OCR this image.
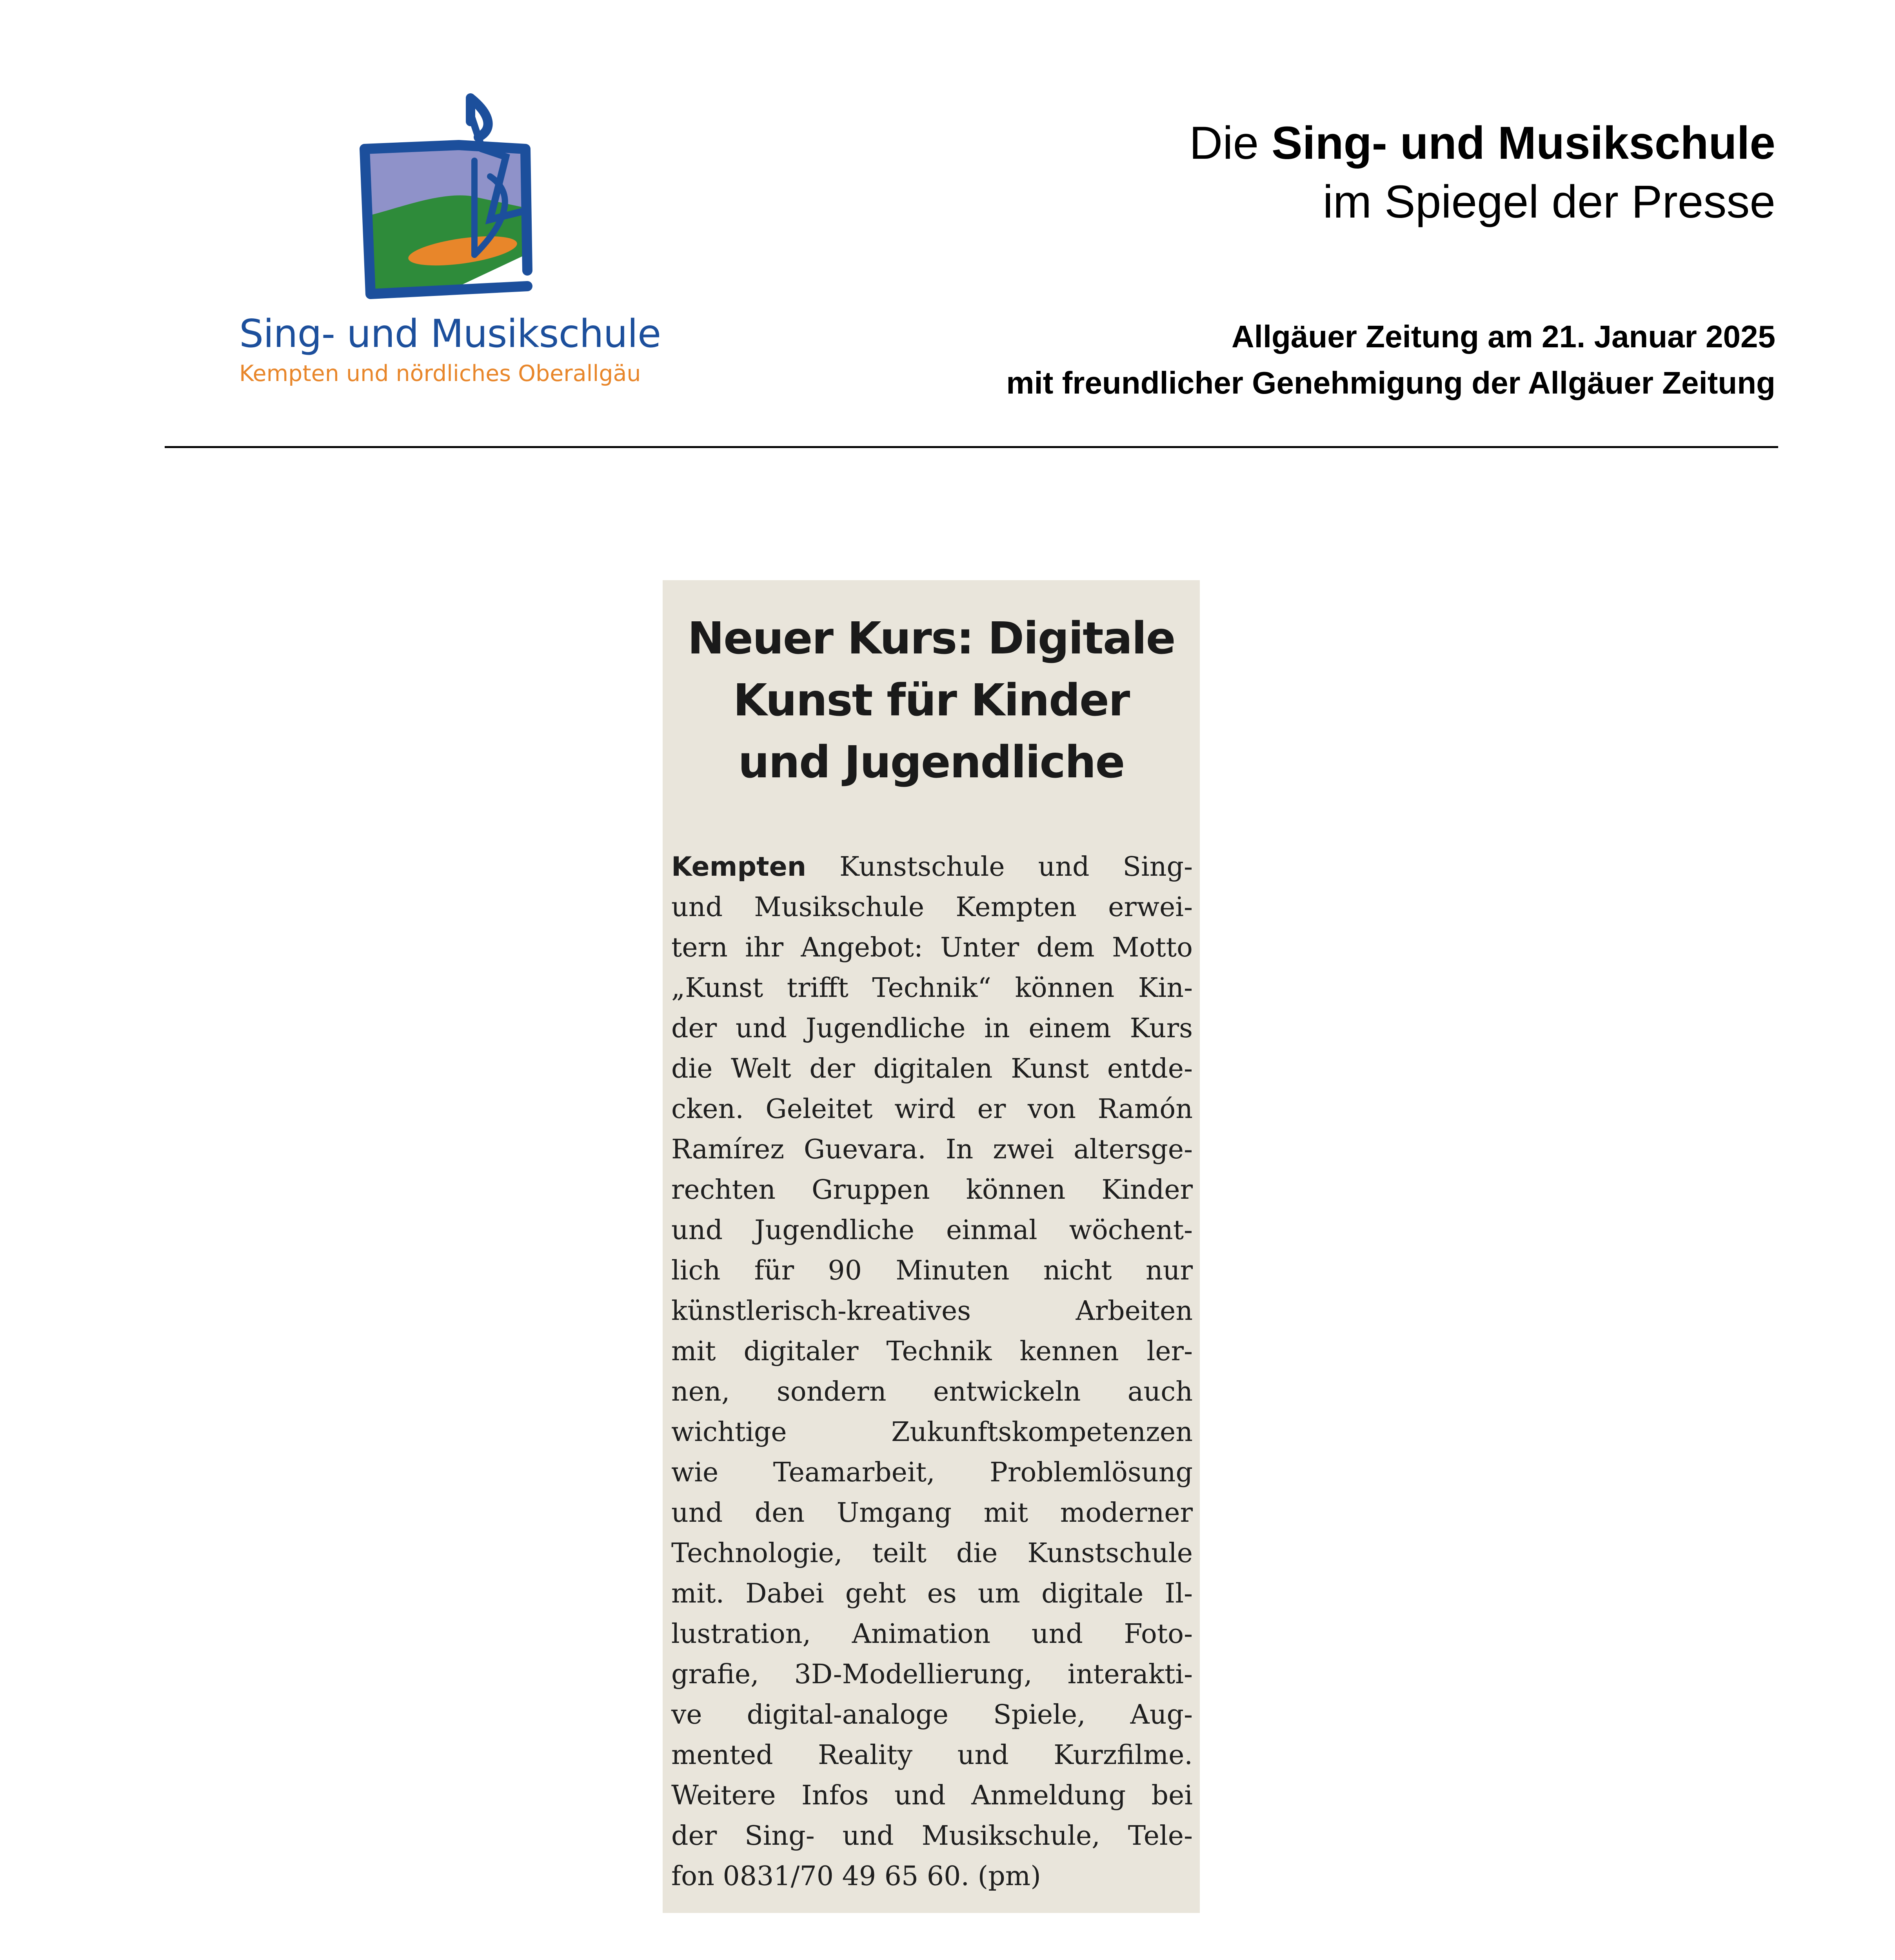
Sing- und Musikschule
Kempten und nördliches Oberallgäu
Die Sing- und Musikschule
im Spiegel der Presse
Allgäuer Zeitung am 21. Januar 2025
mit freundlicher Genehmigung der Allgäuer Zeitung
Neuer Kurs: Digitale
Kunst für Kinder
und Jugendliche
Kempten Kunstschule und Sing-
und Musikschule Kempten erwei-
tern ihr Angebot: Unter dem Motto
„Kunst trifft Technik“ können Kin-
der und Jugendliche in einem Kurs
die Welt der digitalen Kunst entde-
cken. Geleitet wird er von Ramón
Ramírez Guevara. In zwei altersge-
rechten Gruppen können Kinder
und Jugendliche einmal wöchent-
lich für 90 Minuten nicht nur
künstlerisch-kreatives Arbeiten
mit digitaler Technik kennen ler-
nen, sondern entwickeln auch
wichtige Zukunftskompetenzen
wie Teamarbeit, Problemlösung
und den Umgang mit moderner
Technologie, teilt die Kunstschule
mit. Dabei geht es um digitale Il-
lustration, Animation und Foto-
grafie, 3D-Modellierung, interakti-
ve digital-analoge Spiele, Aug-
mented Reality und Kurzfilme.
Weitere Infos und Anmeldung bei
der Sing- und Musikschule, Tele-
fon 0831/70 49 65 60. (pm)
